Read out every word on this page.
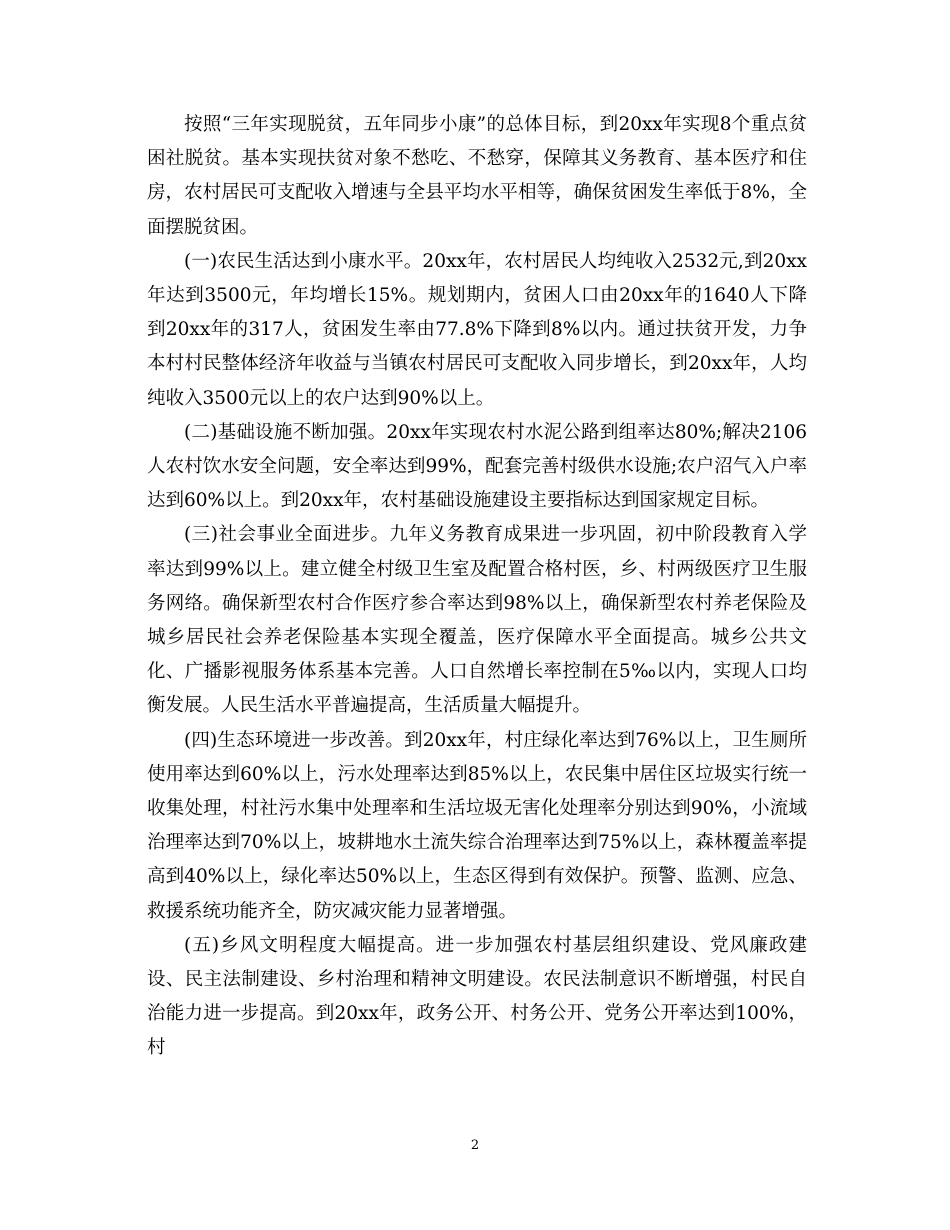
按照“三年实现脱贫，五年同步小康”的总体目标，到20xx年实现8个重点贫困社脱贫。基本实现扶贫对象不愁吃、不愁穿，保障其义务教育、基本医疗和住房，农村居民可支配收入增速与全县平均水平相等，确保贫困发生率低于8%，全面摆脱贫困。

(一)农民生活达到小康水平。20xx年，农村居民人均纯收入2532元,到20xx年达到3500元，年均增长15%。规划期内，贫困人口由20xx年的1640人下降到20xx年的317人，贫困发生率由77.8%下降到8%以内。通过扶贫开发，力争本村村民整体经济年收益与当镇农村居民可支配收入同步增长，到20xx年，人均纯收入3500元以上的农户达到90%以上。

(二)基础设施不断加强。20xx年实现农村水泥公路到组率达80%;解决2106人农村饮水安全问题，安全率达到99%，配套完善村级供水设施;农户沼气入户率达到60%以上。到20xx年，农村基础设施建设主要指标达到国家规定目标。

(三)社会事业全面进步。九年义务教育成果进一步巩固，初中阶段教育入学率达到99%以上。建立健全村级卫生室及配置合格村医，乡、村两级医疗卫生服务网络。确保新型农村合作医疗参合率达到98%以上，确保新型农村养老保险及城乡居民社会养老保险基本实现全覆盖，医疗保障水平全面提高。城乡公共文化、广播影视服务体系基本完善。人口自然增长率控制在5‰以内，实现人口均衡发展。人民生活水平普遍提高，生活质量大幅提升。

(四)生态环境进一步改善。到20xx年，村庄绿化率达到76%以上，卫生厕所使用率达到60%以上，污水处理率达到85%以上，农民集中居住区垃圾实行统一收集处理，村社污水集中处理率和生活垃圾无害化处理率分别达到90%，小流域治理率达到70%以上，坡耕地水土流失综合治理率达到75%以上，森林覆盖率提高到40%以上，绿化率达50%以上，生态区得到有效保护。预警、监测、应急、救援系统功能齐全，防灾减灾能力显著增强。

(五)乡风文明程度大幅提高。进一步加强农村基层组织建设、党风廉政建设、民主法制建设、乡村治理和精神文明建设。农民法制意识不断增强，村民自治能力进一步提高。到20xx年，政务公开、村务公开、党务公开率达到100%，村

2
